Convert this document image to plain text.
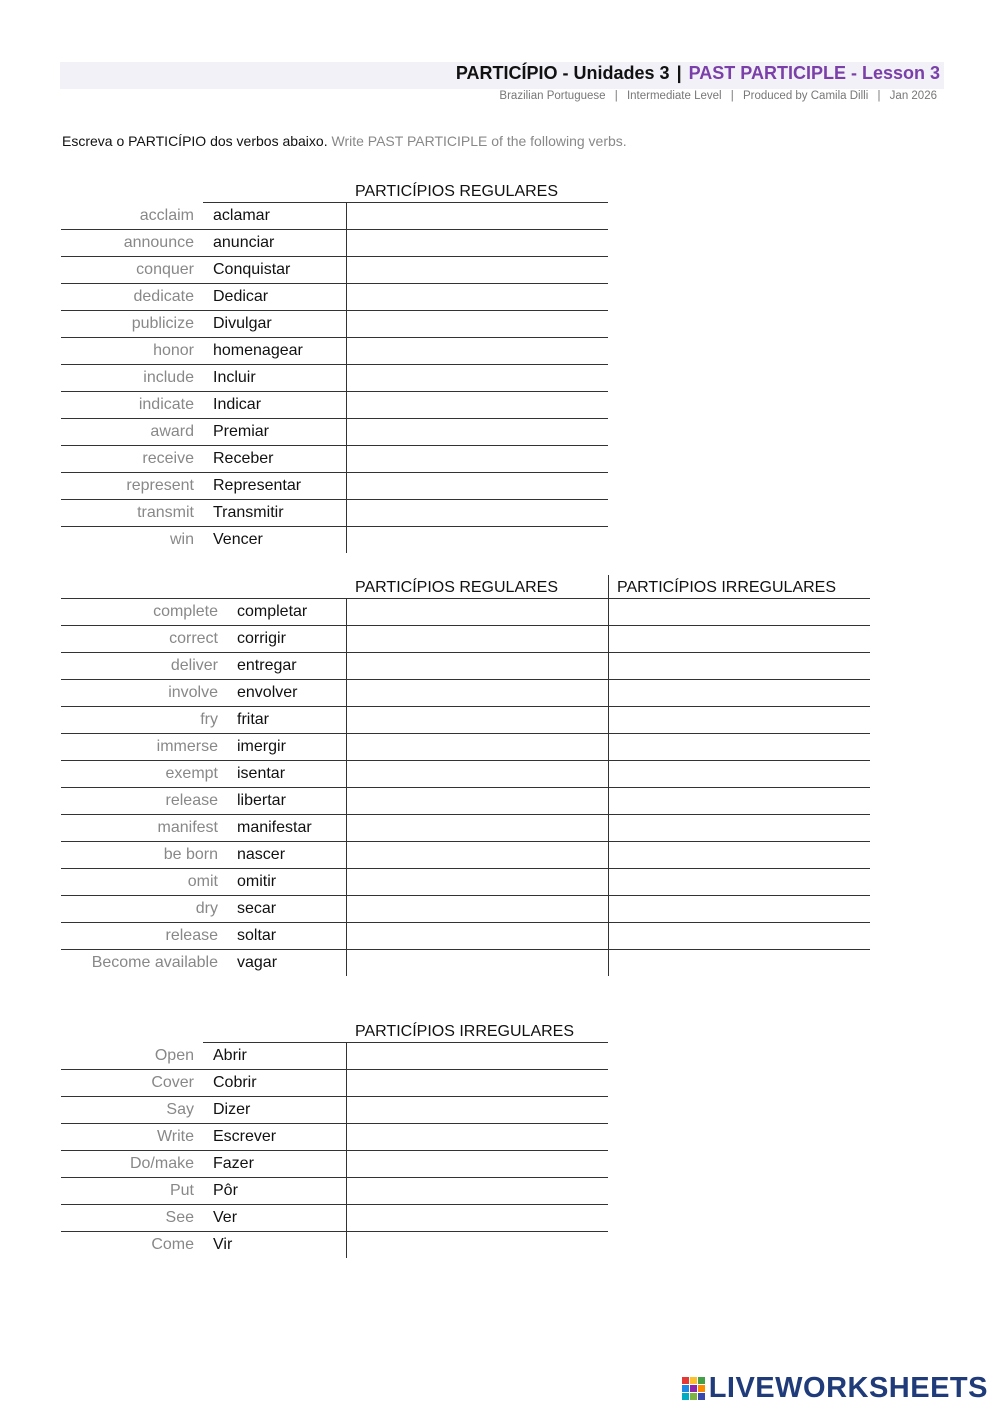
PARTICÍPIO - Unidades 3 | PAST PARTICIPLE - Lesson 3
Brazilian Portuguese | Intermediate Level | Produced by Camila Dilli | Jan 2026
Escreva o PARTICÍPIO dos verbos abaixo. Write PAST PARTICIPLE of the following verbs.
PARTICÍPIOS REGULARES
acclaim aclamar
announce anunciar
conquer Conquistar
dedicate Dedicar
publicize Divulgar
honor homenagear
include Incluir
indicate Indicar
award Premiar
receive Receber
represent Representar
transmit Transmitir
win Vencer
PARTICÍPIOS REGULARES	PARTICÍPIOS IRREGULARES
complete completar
correct corrigir
deliver entregar
involve envolver
fry fritar
immerse imergir
exempt isentar
release libertar
manifest manifestar
be born nascer
omit omitir
dry secar
release soltar
Become available vagar
PARTICÍPIOS IRREGULARES
Open Abrir
Cover Cobrir
Say Dizer
Write Escrever
Do/make Fazer
Put Pôr
See Ver
Come Vir
LIVEWORKSHEETS
